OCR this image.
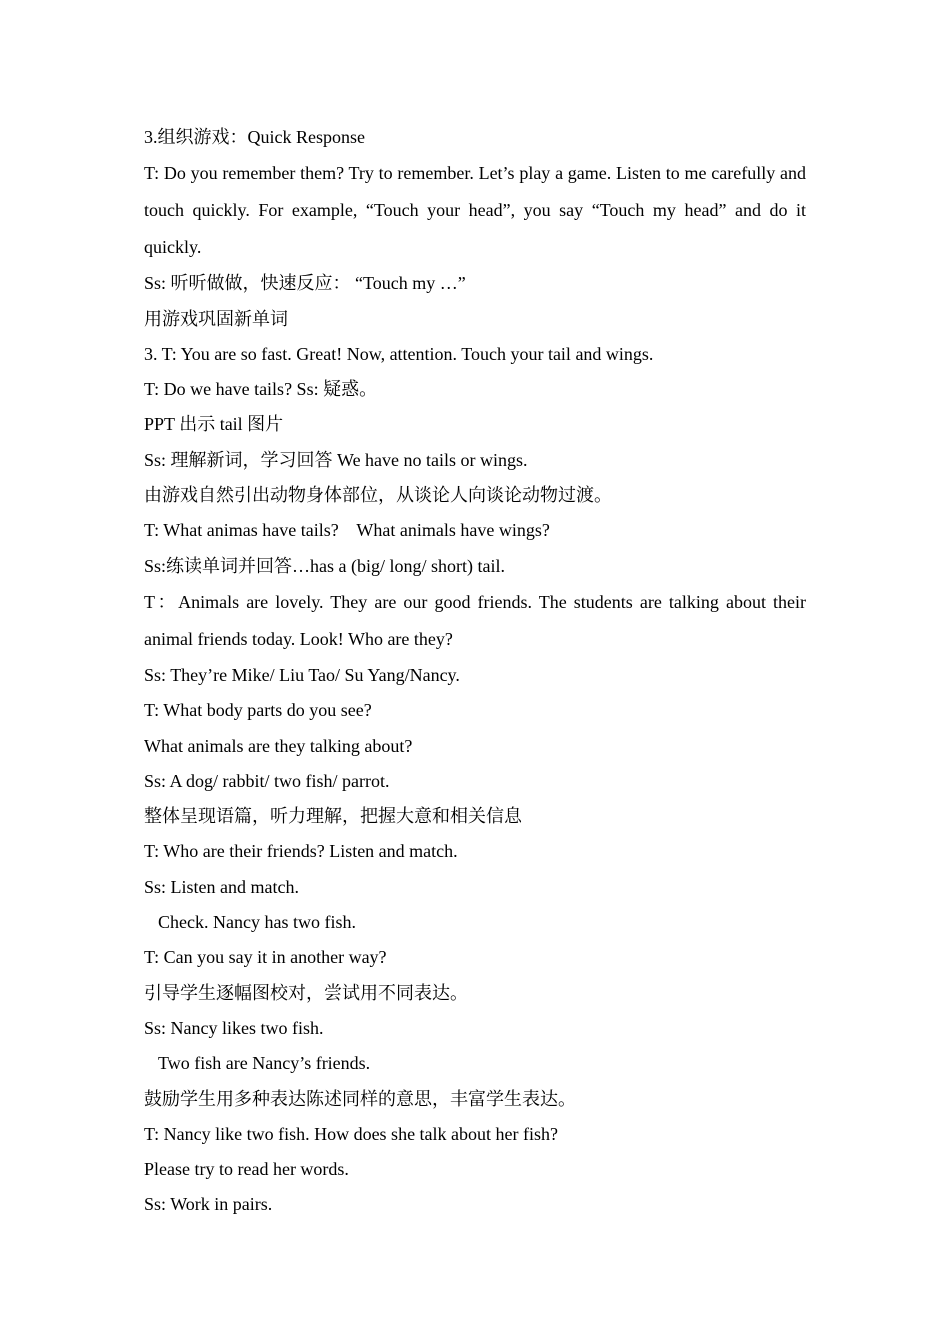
3.组织游戏：Quick Response

T: Do you remember them? Try to remember. Let’s play a game. Listen to me carefully and touch quickly. For example, “Touch your head”, you say “Touch my head” and do it quickly.

Ss: 听听做做，快速反应： “Touch my …”

用游戏巩固新单词

3. T: You are so fast. Great! Now, attention. Touch your tail and wings.

T: Do we have tails? Ss: 疑惑。

PPT 出示 tail 图片

Ss: 理解新词，学习回答 We have no tails or wings.

由游戏自然引出动物身体部位，从谈论人向谈论动物过渡。

T: What animas have tails?    What animals have wings?

Ss:练读单词并回答…has a (big/ long/ short) tail.

T：Animals are lovely. They are our good friends. The students are talking about their animal friends today. Look! Who are they?

Ss: They’re Mike/ Liu Tao/ Su Yang/Nancy.

T: What body parts do you see?

What animals are they talking about?

Ss: A dog/ rabbit/ two fish/ parrot.

整体呈现语篇，听力理解，把握大意和相关信息

T: Who are their friends? Listen and match.

Ss: Listen and match.

Check. Nancy has two fish.

T: Can you say it in another way?

引导学生逐幅图校对，尝试用不同表达。

Ss: Nancy likes two fish.

Two fish are Nancy’s friends.

鼓励学生用多种表达陈述同样的意思，丰富学生表达。

T: Nancy like two fish. How does she talk about her fish?

Please try to read her words.

Ss: Work in pairs.
